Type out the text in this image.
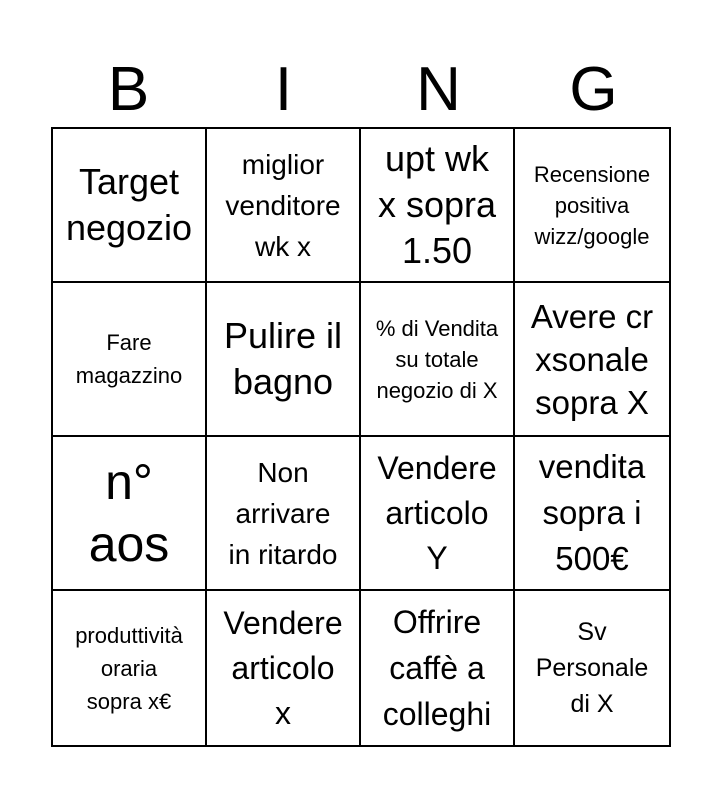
B	I	N	G
Target
negozio
miglior
venditore
wk x
upt wk
x sopra
1.50
Recensione
positiva
wizz/google
Fare
magazzino
Pulire il
bagno
% di Vendita
su totale
negozio di X
Avere cr
xsonale
sopra X
n°
aos
Non
arrivare
in ritardo
Vendere
articolo
Y
vendita
sopra i
500€
produttività
oraria
sopra x€
Vendere
articolo
x
Offrire
caffè a
colleghi
Sv
Personale
di X
